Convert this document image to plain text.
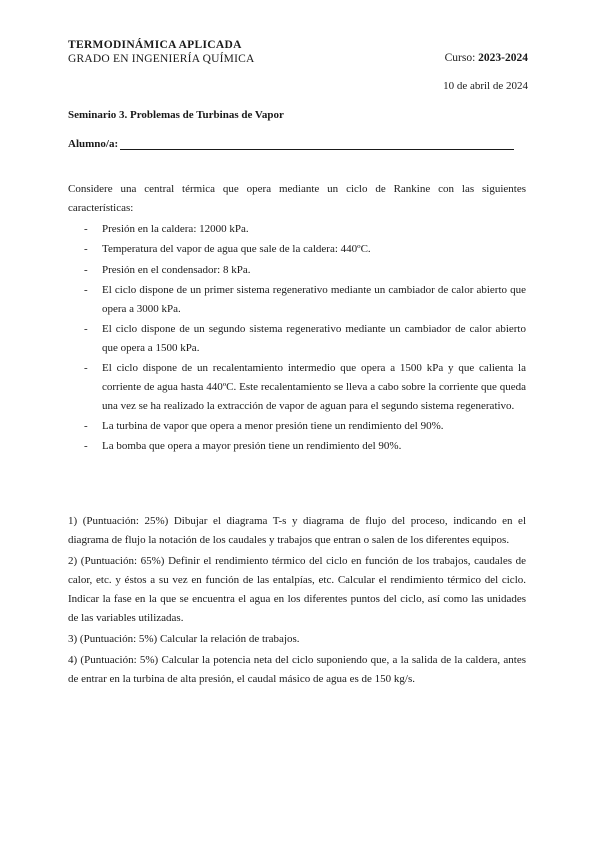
TERMODINÁMICA APLICADA
GRADO EN INGENIERÍA QUÍMICA	Curso: 2023-2024
10 de abril de 2024
Seminario 3. Problemas de Turbinas de Vapor
Alumno/a:
Considere una central térmica que opera mediante un ciclo de Rankine con las siguientes características:
-	Presión en la caldera: 12000 kPa.
-	Temperatura del vapor de agua que sale de la caldera: 440ºC.
-	Presión en el condensador: 8 kPa.
-	El ciclo dispone de un primer sistema regenerativo mediante un cambiador de calor abierto que opera a 3000 kPa.
-	El ciclo dispone de un segundo sistema regenerativo mediante un cambiador de calor abierto que opera a 1500 kPa.
-	El ciclo dispone de un recalentamiento intermedio que opera a 1500 kPa y que calienta la corriente de agua hasta 440ºC. Este recalentamiento se lleva a cabo sobre la corriente que queda una vez se ha realizado la extracción de vapor de aguan para el segundo sistema regenerativo.
-	La turbina de vapor que opera a menor presión tiene un rendimiento del 90%.
-	La bomba que opera a mayor presión tiene un rendimiento del 90%.
1) (Puntuación: 25%) Dibujar el diagrama T-s y diagrama de flujo del proceso, indicando en el diagrama de flujo la notación de los caudales y trabajos que entran o salen de los diferentes equipos.
2) (Puntuación: 65%) Definir el rendimiento térmico del ciclo en función de los trabajos, caudales de calor, etc. y éstos a su vez en función de las entalpías, etc. Calcular el rendimiento térmico del ciclo. Indicar la fase en la que se encuentra el agua en los diferentes puntos del ciclo, así como las unidades de las variables utilizadas.
3) (Puntuación: 5%) Calcular la relación de trabajos.
4) (Puntuación: 5%) Calcular la potencia neta del ciclo suponiendo que, a la salida de la caldera, antes de entrar en la turbina de alta presión, el caudal másico de agua es de 150 kg/s.
